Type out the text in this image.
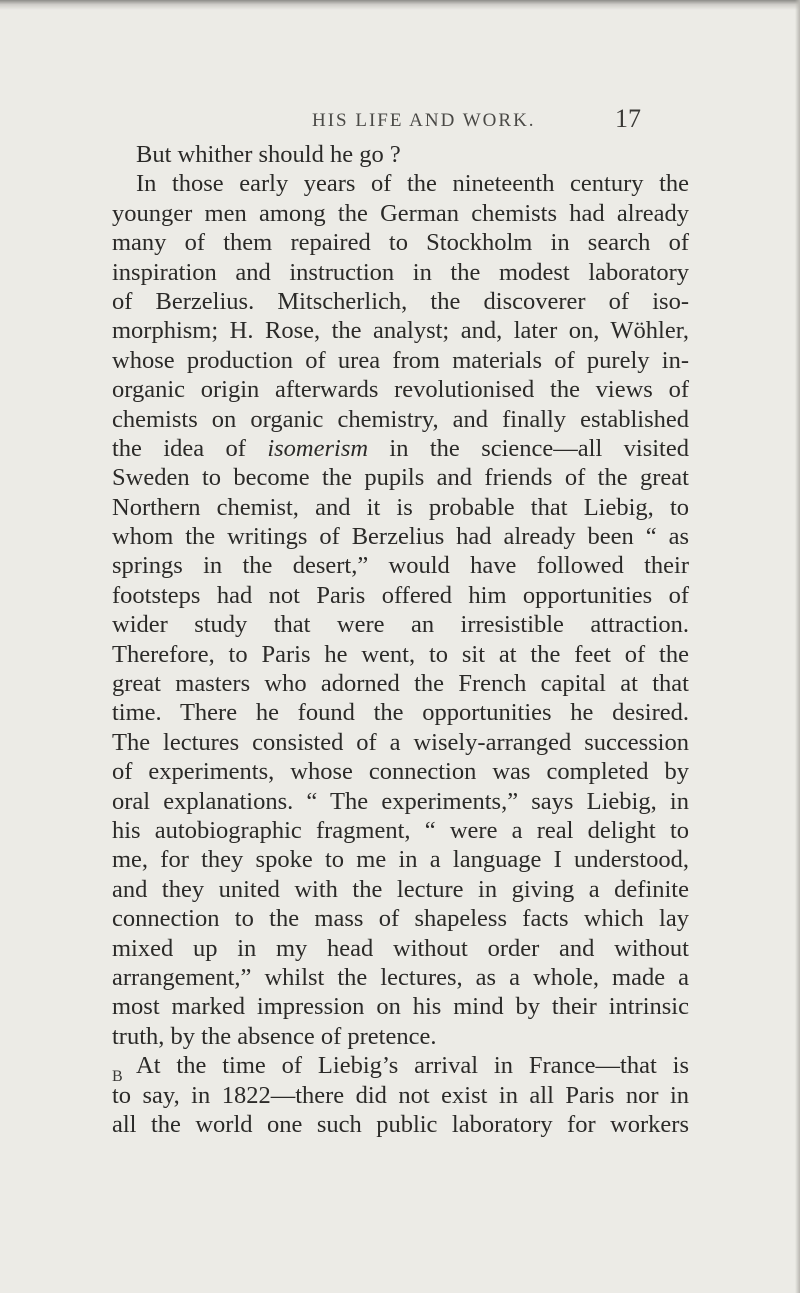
HIS LIFE AND WORK.	17
But whither should he go ?
In those early years of the nineteenth century the
younger men among the German chemists had already
many of them repaired to Stockholm in search of
inspiration and instruction in the modest laboratory
of Berzelius. Mitscherlich, the discoverer of iso-
morphism; H. Rose, the analyst; and, later on, Wöhler,
whose production of urea from materials of purely in-
organic origin afterwards revolutionised the views of
chemists on organic chemistry, and finally established
the idea of isomerism in the science—all visited
Sweden to become the pupils and friends of the great
Northern chemist, and it is probable that Liebig, to
whom the writings of Berzelius had already been “ as
springs in the desert,” would have followed their
footsteps had not Paris offered him opportunities of
wider study that were an irresistible attraction.
Therefore, to Paris he went, to sit at the feet of the
great masters who adorned the French capital at that
time. There he found the opportunities he desired.
The lectures consisted of a wisely-arranged succession
of experiments, whose connection was completed by
oral explanations. “ The experiments,” says Liebig, in
his autobiographic fragment, “ were a real delight to
me, for they spoke to me in a language I understood,
and they united with the lecture in giving a definite
connection to the mass of shapeless facts which lay
mixed up in my head without order and without
arrangement,” whilst the lectures, as a whole, made a
most marked impression on his mind by their intrinsic
truth, by the absence of pretence.
At the time of Liebig’s arrival in France—that is
to say, in 1822—there did not exist in all Paris nor in
all the world one such public laboratory for workers
B
